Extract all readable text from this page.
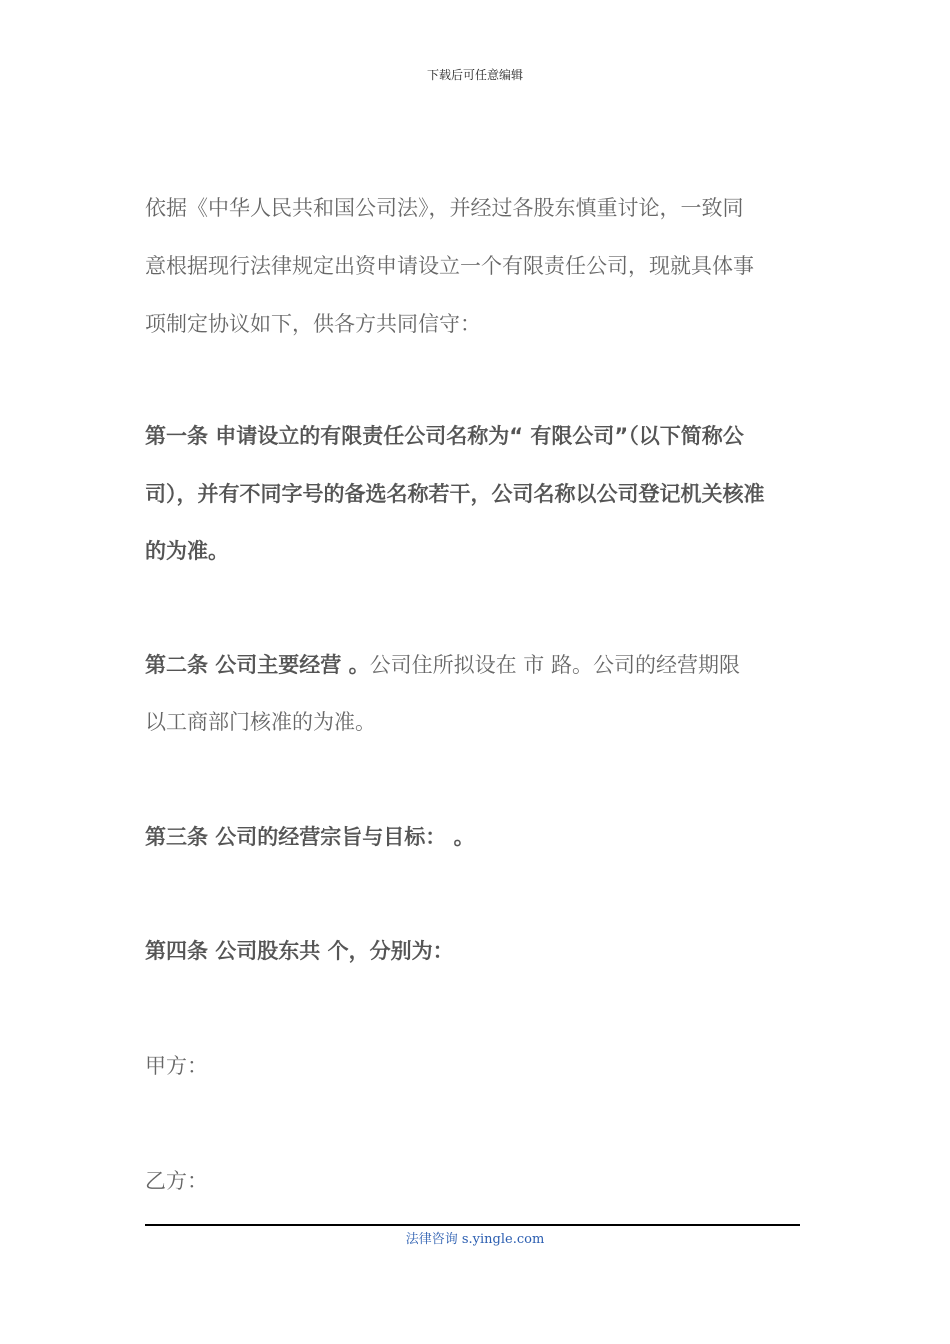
下载后可任意编辑
依据《中华人民共和国公司法》，并经过各股东慎重讨论，一致同
意根据现行法律规定出资申请设立一个有限责任公司，现就具体事
项制定协议如下，供各方共同信守：
第一条 申请设立的有限责任公司名称为“ 有限公司”（以下简称公
司），并有不同字号的备选名称若干，公司名称以公司登记机关核准
的为准。
第二条 公司主要经营 。公司住所拟设在 市 路。公司的经营期限
以工商部门核准的为准。
第三条 公司的经营宗旨与目标： 。
第四条 公司股东共 个，分别为：
甲方：
乙方：
法律咨询 s.yingle.com
